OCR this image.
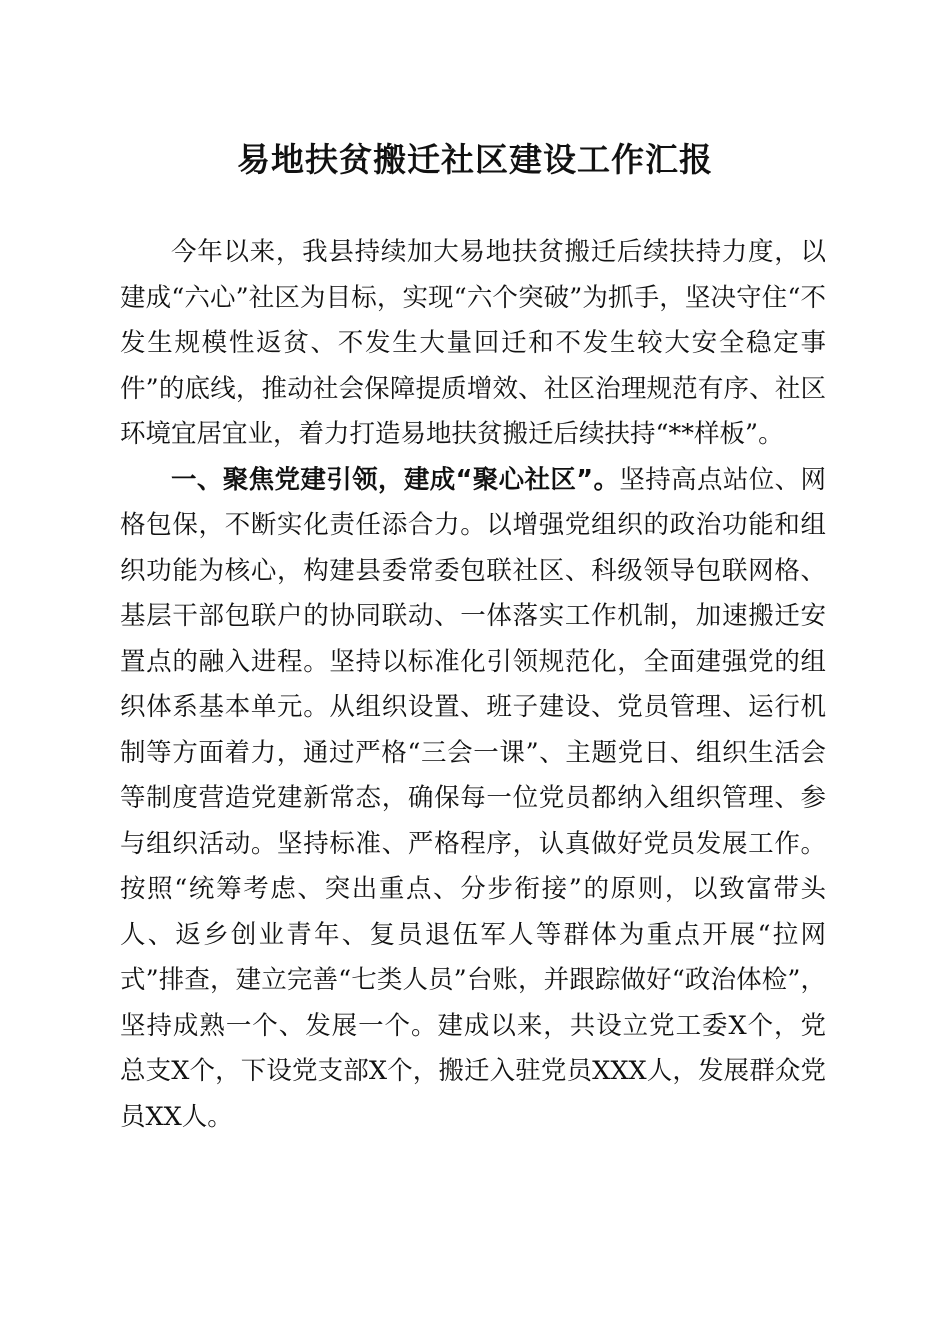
易地扶贫搬迁社区建设工作汇报

今年以来，我县持续加大易地扶贫搬迁后续扶持力度，以建成“六心”社区为目标，实现“六个突破”为抓手，坚决守住“不发生规模性返贫、不发生大量回迁和不发生较大安全稳定事件”的底线，推动社会保障提质增效、社区治理规范有序、社区环境宜居宜业，着力打造易地扶贫搬迁后续扶持“**样板”。

一、聚焦党建引领，建成“聚心社区”。坚持高点站位、网格包保，不断实化责任添合力。以增强党组织的政治功能和组织功能为核心，构建县委常委包联社区、科级领导包联网格、基层干部包联户的协同联动、一体落实工作机制，加速搬迁安置点的融入进程。坚持以标准化引领规范化，全面建强党的组织体系基本单元。从组织设置、班子建设、党员管理、运行机制等方面着力，通过严格“三会一课”、主题党日、组织生活会等制度营造党建新常态，确保每一位党员都纳入组织管理、参与组织活动。坚持标准、严格程序，认真做好党员发展工作。按照“统筹考虑、突出重点、分步衔接”的原则，以致富带头人、返乡创业青年、复员退伍军人等群体为重点开展“拉网式”排查，建立完善“七类人员”台账，并跟踪做好“政治体检”，坚持成熟一个、发展一个。建成以来，共设立党工委X个，党总支X个，下设党支部X个，搬迁入驻党员XXX人，发展群众党员XX人。
